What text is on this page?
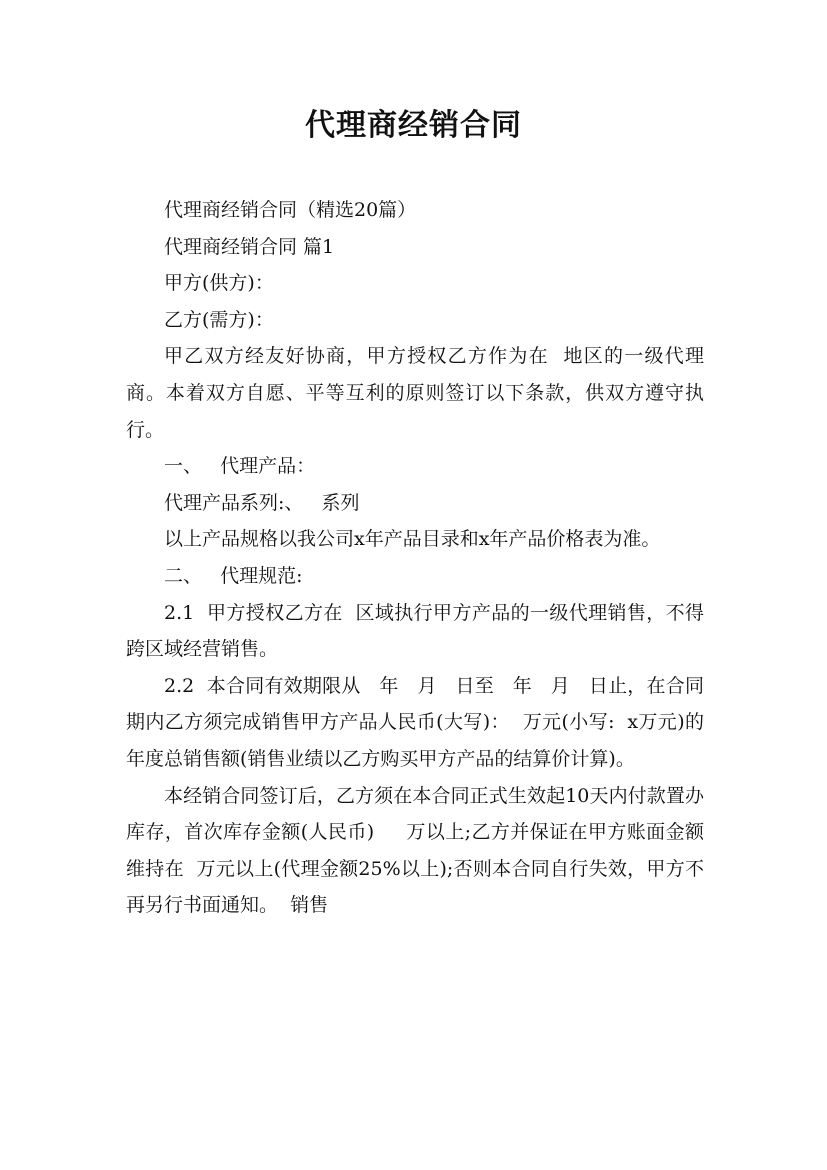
代理商经销合同

代理商经销合同（精选20篇）

代理商经销合同 篇1

甲方(供方)：

乙方(需方)：

甲乙双方经友好协商，甲方授权乙方作为在  地区的一级代理商。本着双方自愿、平等互利的原则签订以下条款，供双方遵守执行。

一、   代理产品：

代理产品系列:、   系列

以上产品规格以我公司x年产品目录和x年产品价格表为准。

二、   代理规范:

2.1  甲方授权乙方在  区域执行甲方产品的一级代理销售，不得跨区域经营销售。

2.2  本合同有效期限从   年   月   日至   年   月   日止，在合同期内乙方须完成销售甲方产品人民币(大写)：  万元(小写:  x万元)的年度总销售额(销售业绩以乙方购买甲方产品的结算价计算)。

本经销合同签订后，乙方须在本合同正式生效起10天内付款置办库存，首次库存金额(人民币)     万以上;乙方并保证在甲方账面金额维持在  万元以上(代理金额25%以上);否则本合同自行失效，甲方不再另行书面通知。  销售
